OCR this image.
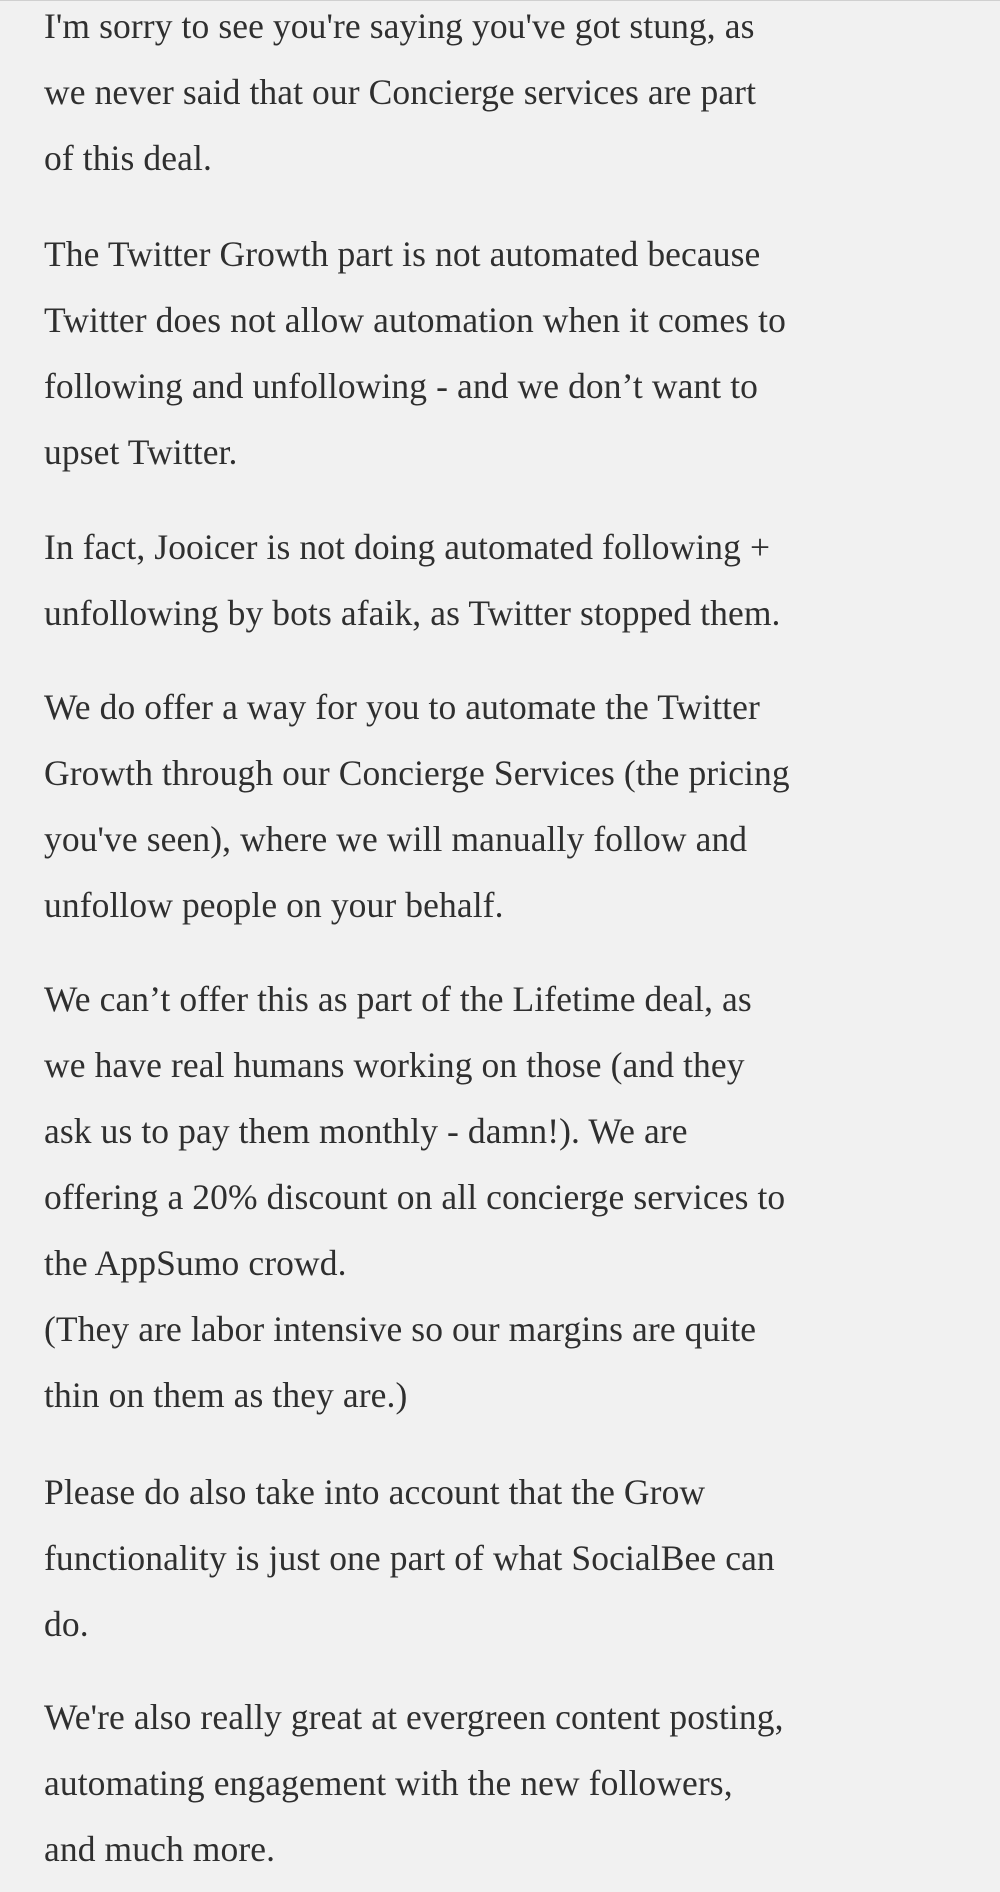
I'm sorry to see you're saying you've got stung, as
we never said that our Concierge services are part
of this deal.

The Twitter Growth part is not automated because
Twitter does not allow automation when it comes to
following and unfollowing - and we don’t want to
upset Twitter.

In fact, Jooicer is not doing automated following +
unfollowing by bots afaik, as Twitter stopped them.

We do offer a way for you to automate the Twitter
Growth through our Concierge Services (the pricing
you've seen), where we will manually follow and
unfollow people on your behalf.

We can’t offer this as part of the Lifetime deal, as
we have real humans working on those (and they
ask us to pay them monthly - damn!). We are
offering a 20% discount on all concierge services to
the AppSumo crowd.
(They are labor intensive so our margins are quite
thin on them as they are.)

Please do also take into account that the Grow
functionality is just one part of what SocialBee can
do.

We're also really great at evergreen content posting,
automating engagement with the new followers,
and much more.
